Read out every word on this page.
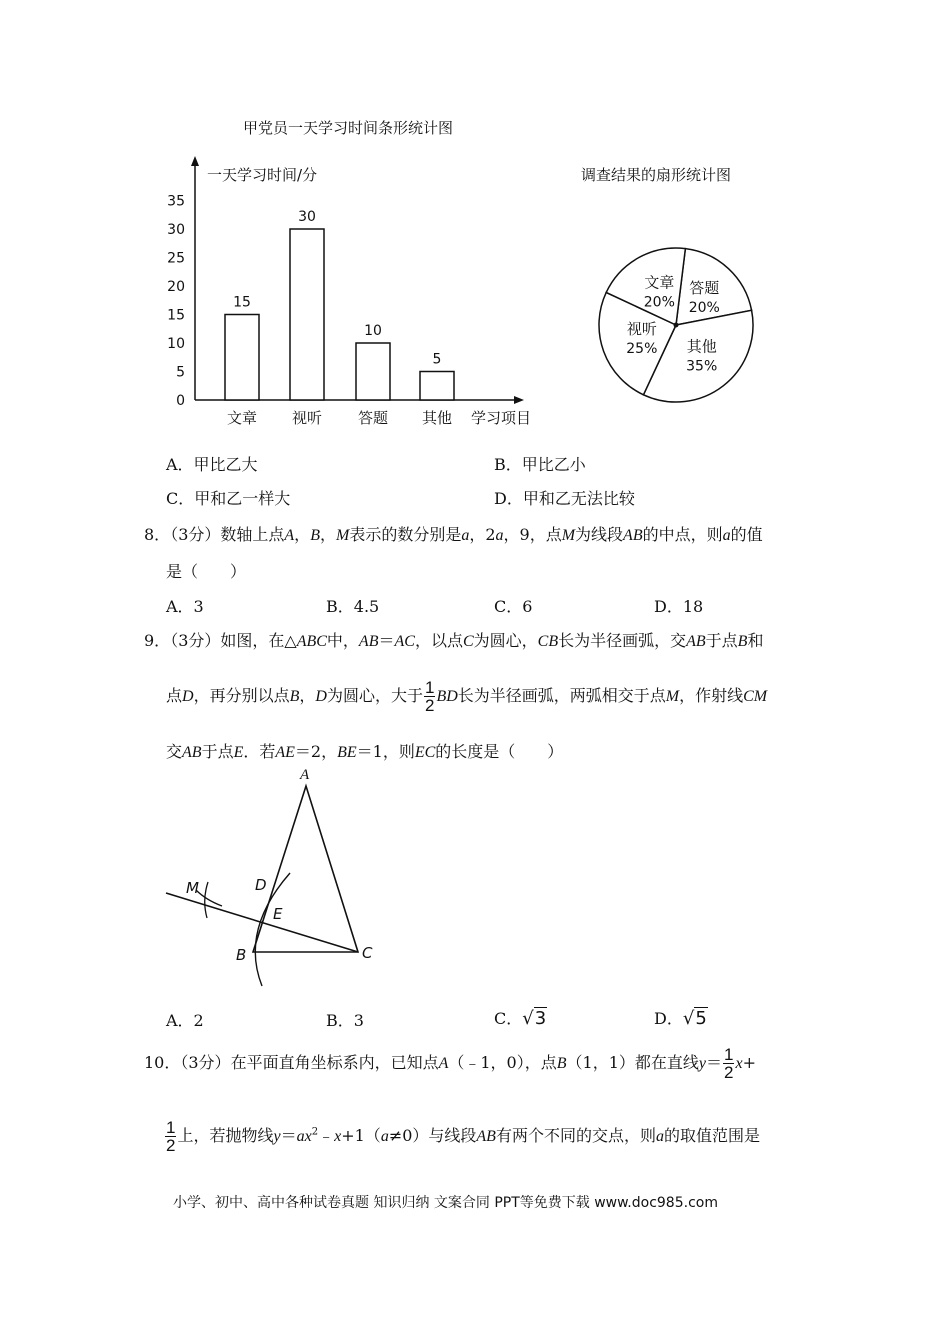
甲党员一天学习时间条形统计图
一天学习时间/分
学习项目
0
5
10
15
20
25
30
35
15
文章
30
视听
10
答题
5
其他
调查结果的扇形统计图
答题
20%
其他
35%
视听
25%
文章
20%
A．甲比乙大	B．甲比乙小
C．甲和乙一样大	D．甲和乙无法比较
8．（3分）数轴上点A，B，M表示的数分别是a，2a，9，点M为线段AB的中点，则a的值
是（　　）
A．3	B．4.5	C．6	D．18
9．（3分）如图，在△ABC中，AB＝AC，以点C为圆心，CB长为半径画弧，交AB于点B和
点D，再分别以点B，D为圆心，大于 $\frac{1}{2}$ BD长为半径画弧，两弧相交于点M，作射线CM
交AB于点E．若AE＝2，BE＝1，则EC的长度是（　　）
A
B	C
D
E
M
A．2	B．3	C．√3	D．√5
10．（3分）在平面直角坐标系内，已知点A（﹣1，0），点B（1，1）都在直线$y= \frac{1}{2} x+$
$\frac{1}{2}$ 上，若抛物线$y=ax^2﹣x+1(a\ne 0)$与线段AB有两个不同的交点，则a的取值范围是
小学、初中、高中各种试卷真题 知识归纳 文案合同 PPT等免费下载 www.doc985.com
